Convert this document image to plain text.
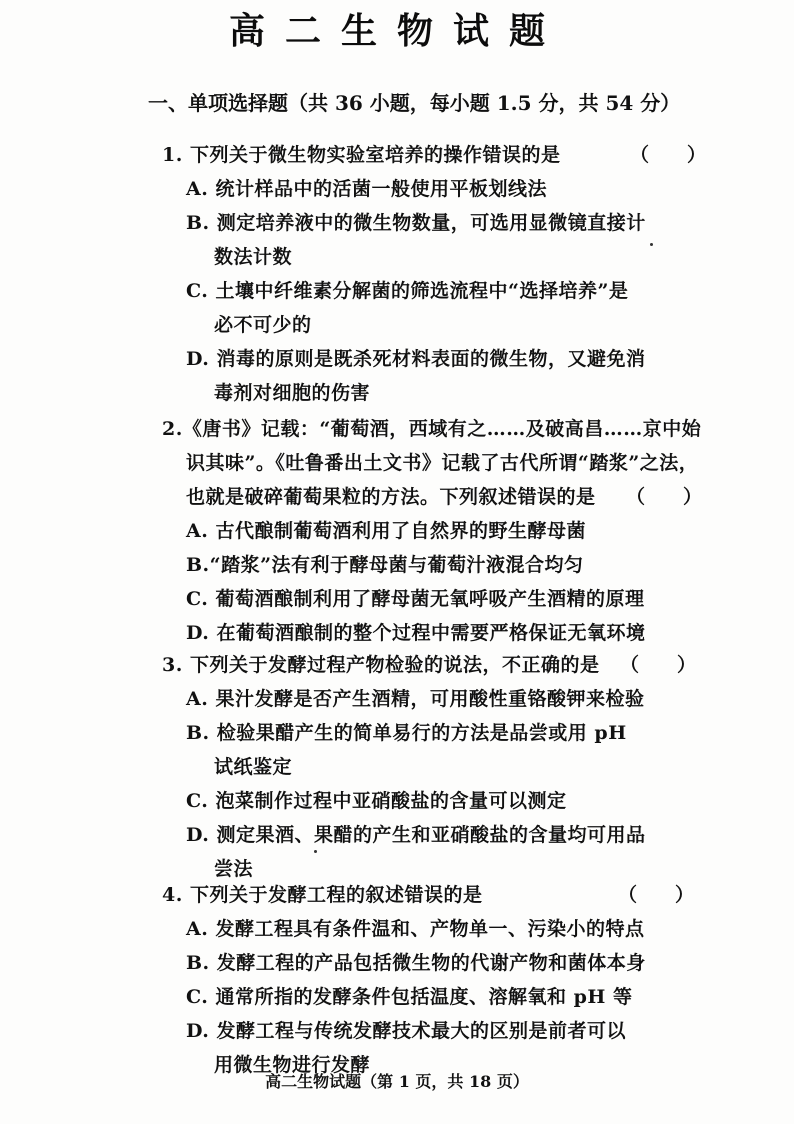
高二生物试题
一、单项选择题（共 36 小题，每小题 1.5 分，共 54 分）
1. 下列关于微生物实验室培养的操作错误的是	（　　）
A. 统计样品中的活菌一般使用平板划线法
B. 测定培养液中的微生物数量，可选用显微镜直接计
数法计数
C. 土壤中纤维素分解菌的筛选流程中“选择培养”是
必不可少的
D. 消毒的原则是既杀死材料表面的微生物，又避免消
毒剂对细胞的伤害
2.《唐书》记载：“葡萄酒，西域有之……及破高昌……京中始
识其味”。《吐鲁番出土文书》记载了古代所谓“踏浆”之法，
也就是破碎葡萄果粒的方法。下列叙述错误的是 （　　）
A. 古代酿制葡萄酒利用了自然界的野生酵母菌
B.“踏浆”法有利于酵母菌与葡萄汁液混合均匀
C. 葡萄酒酿制利用了酵母菌无氧呼吸产生酒精的原理
D. 在葡萄酒酿制的整个过程中需要严格保证无氧环境
3. 下列关于发酵过程产物检验的说法，不正确的是 （　　）
A. 果汁发酵是否产生酒精，可用酸性重铬酸钾来检验
B. 检验果醋产生的简单易行的方法是品尝或用 pH
试纸鉴定
C. 泡菜制作过程中亚硝酸盐的含量可以测定
D. 测定果酒、果醋的产生和亚硝酸盐的含量均可用品
尝法
4. 下列关于发酵工程的叙述错误的是	（　　）
A. 发酵工程具有条件温和、产物单一、污染小的特点
B. 发酵工程的产品包括微生物的代谢产物和菌体本身
C. 通常所指的发酵条件包括温度、溶解氧和 pH 等
D. 发酵工程与传统发酵技术最大的区别是前者可以
用微生物进行发酵
高二生物试题（第 1 页，共 18 页）
